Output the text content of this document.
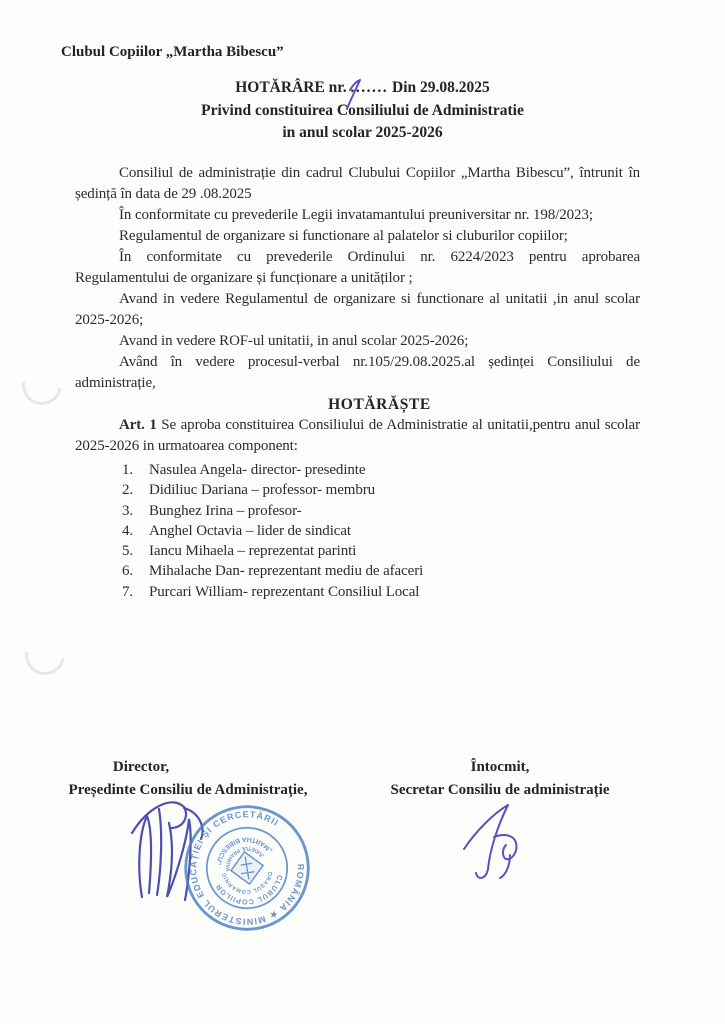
Clubul Copiilor „Martha Bibescu”
HOTĂRÂRE nr. ....... Din 29.08.2025
Privind constituirea Consiliului de Administratie
in anul scolar 2025-2026

Consiliul de administrație din cadrul Clubului Copiilor „Martha Bibescu”, întrunit în ședință în data de 29 .08.2025

În conformitate cu prevederile Legii invatamantului preuniversitar nr. 198/2023;

Regulamentul de organizare si functionare al palatelor si cluburilor copiilor;

În conformitate cu prevederile Ordinului nr. 6224/2023 pentru aprobarea Regulamentului de organizare și funcționare a unităților ;

Avand in vedere Regulamentul de organizare si functionare al unitatii ,in anul scolar 2025-2026;

Avand in vedere ROF-ul unitatii, in anul scolar 2025-2026;

Având în vedere procesul-verbal nr.105/29.08.2025.al ședinței Consiliului de administrație,

HOTĂRĂȘTE

Art. 1 Se aproba constituirea Consiliului de Administratie al unitatii,pentru anul scolar 2025-2026 in urmatoarea component:

1. Nasulea Angela- director- presedinte
2. Didiliuc Dariana – professor- membru
3. Bunghez Irina – profesor-
4. Anghel Octavia – lider de sindicat
5. Iancu Mihaela – reprezentat parinti
6. Mihalache Dan- reprezentant mediu de afaceri
7. Purcari William- reprezentant Consiliul Local
Director,
Președinte Consiliu de Administrație,
Întocmit,
Secretar Consiliu de administrație
ROMÂNIA ★ MINISTERUL EDUCAȚIEI ȘI CERCETĂRII
CLUBUL COPIILOR
ORAȘUL COMARNIC
„MARTHA BIBESCU”
JUDEȚUL PRAHOVA
